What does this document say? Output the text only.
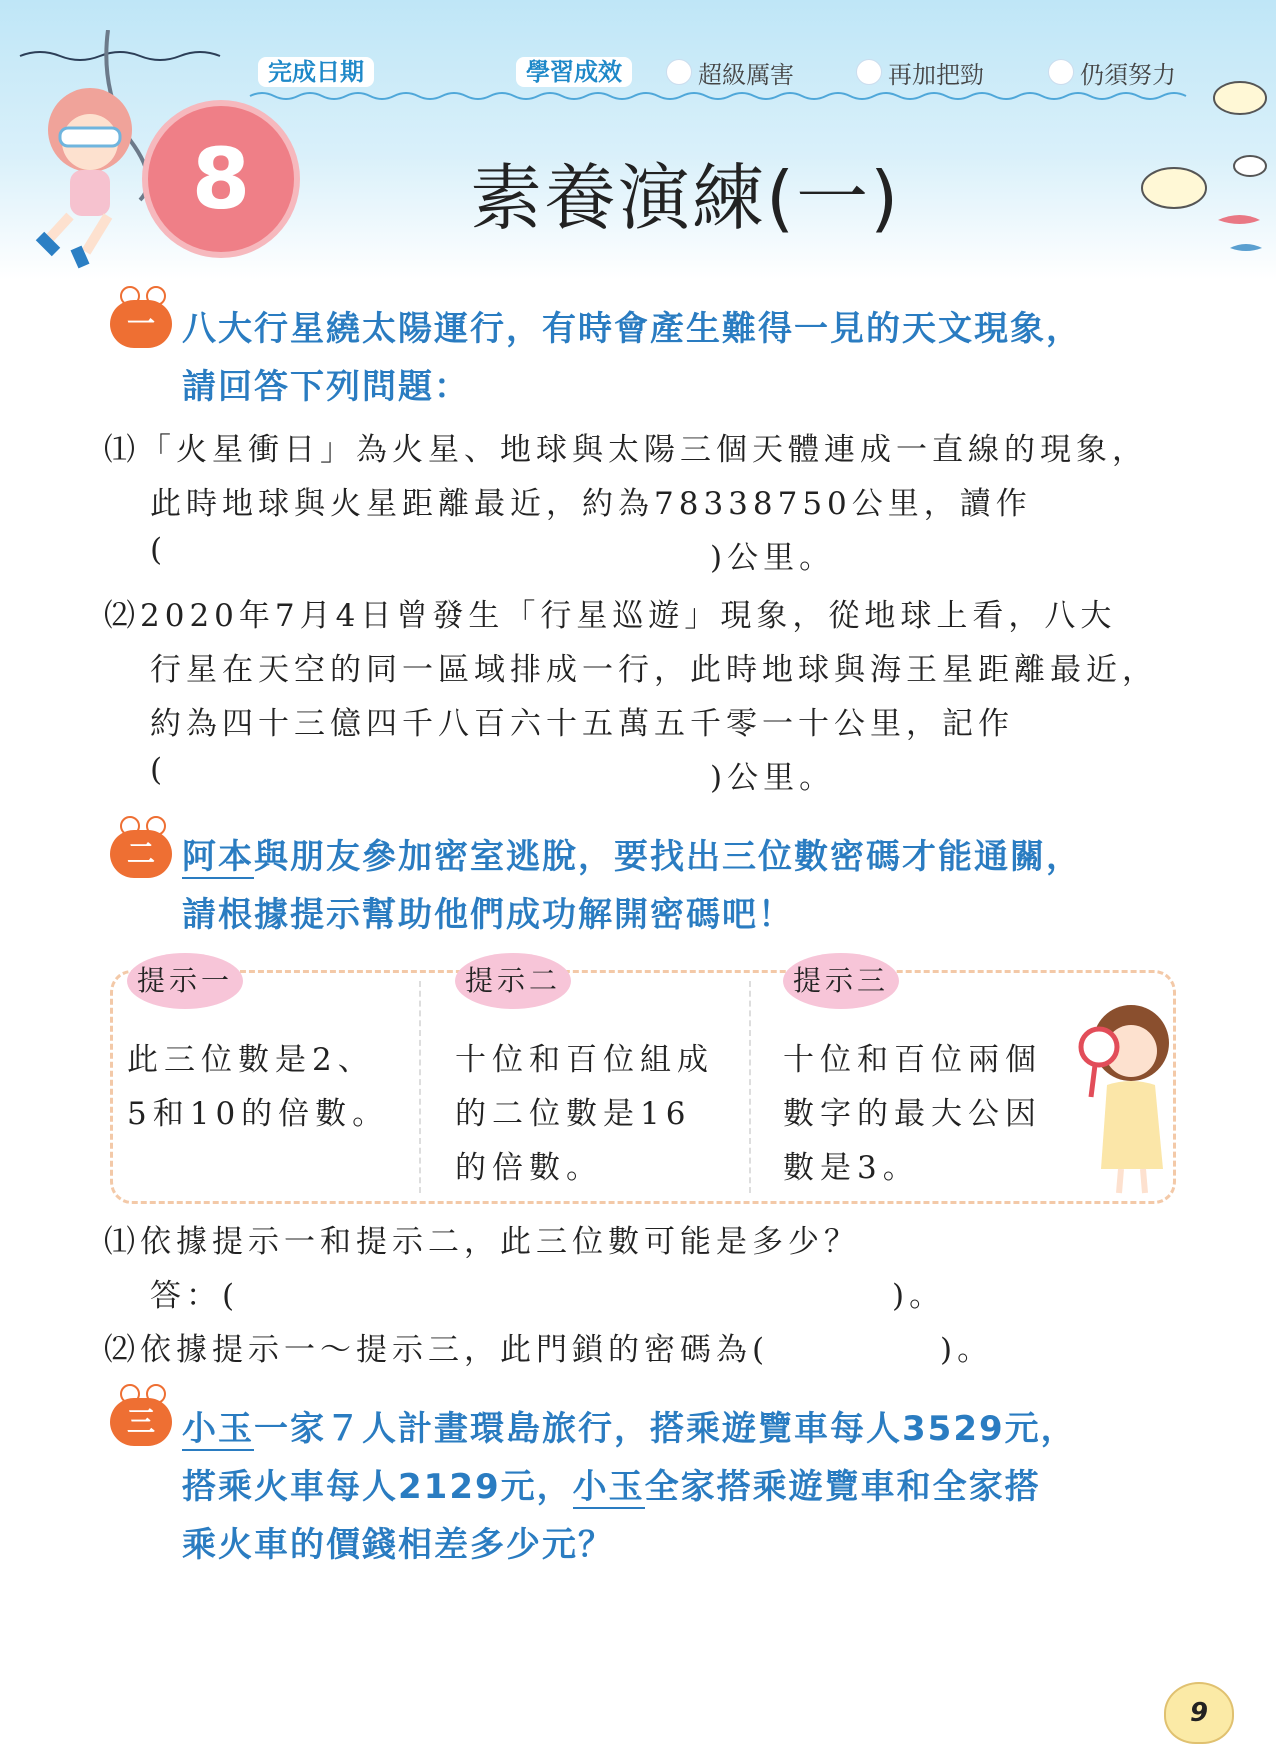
完成日期	學習成效	超級厲害	再加把勁	仍須努力
8	素養演練(一)
一 八大行星繞太陽運行，有時會產生難得一見的天文現象，
請回答下列問題：
⑴「火星衝日」為火星、地球與太陽三個天體連成一直線的現象，
此時地球與火星距離最近，約為78338750公里，讀作
(	)公里。
⑵2020年7月4日曾發生「行星巡遊」現象，從地球上看，八大
行星在天空的同一區域排成一行，此時地球與海王星距離最近，
約為四十三億四千八百六十五萬五千零一十公里，記作
(	)公里。
二 阿本與朋友參加密室逃脫，要找出三位數密碼才能通關，
請根據提示幫助他們成功解開密碼吧！
提示一
此三位數是2、
5和10的倍數。
提示二
十位和百位組成
的二位數是16
的倍數。
提示三
十位和百位兩個
數字的最大公因
數是3。
⑴依據提示一和提示二，此三位數可能是多少？
答：(	)。
⑵依據提示一～提示三，此門鎖的密碼為(	)。
三 小玉一家７人計畫環島旅行，搭乘遊覽車每人3529元，
搭乘火車每人2129元，小玉全家搭乘遊覽車和全家搭
乘火車的價錢相差多少元？
9
